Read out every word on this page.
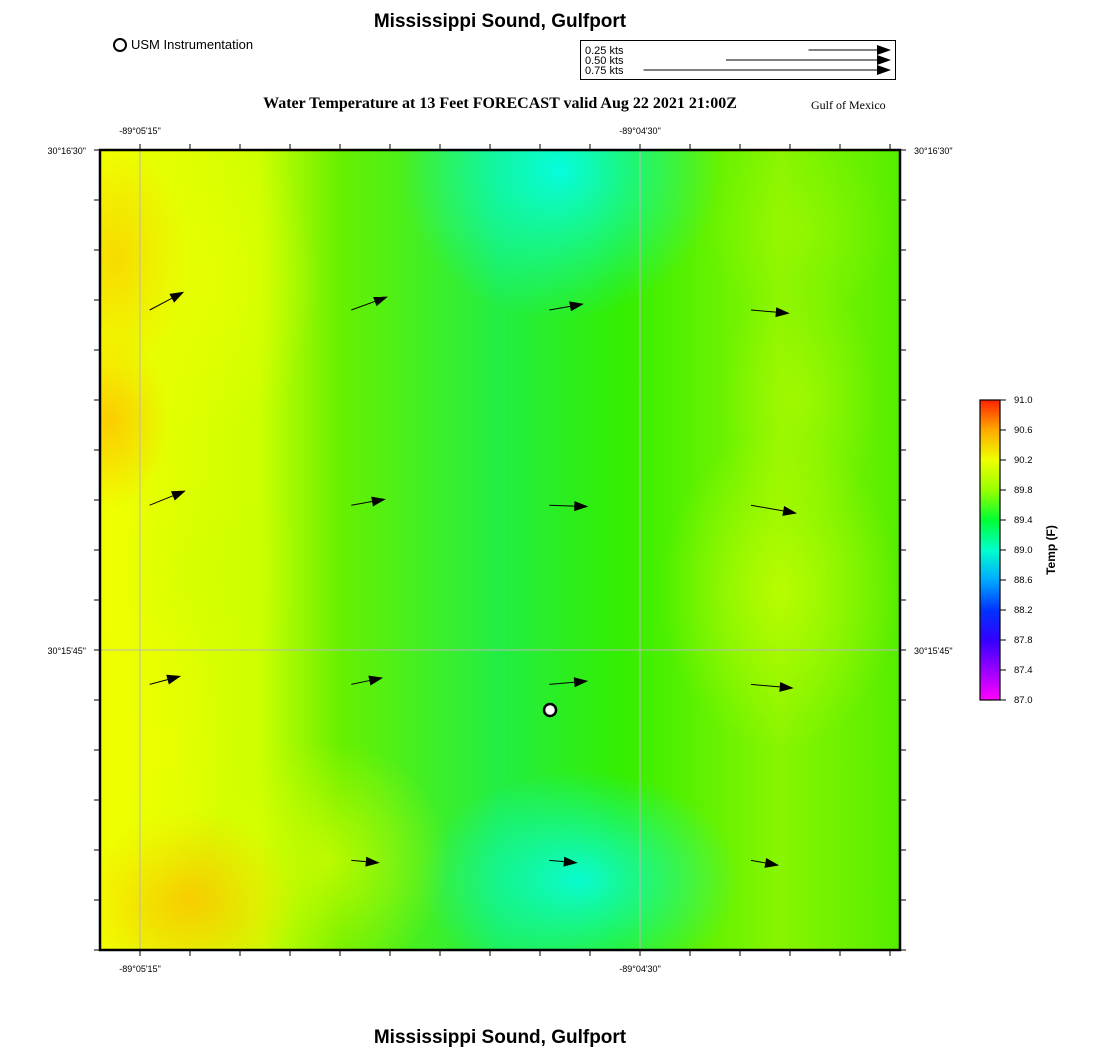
Mississippi Sound, Gulfport
USM Instrumentation	0.25 kts
0.50 kts
0.75 kts
Water Temperature at 13 Feet FORECAST valid Aug 22 2021 21:00Z	Gulf of Mexico
-89°05'15"	-89°04'30"
-89°05'15"	-89°04'30"
30°16'30"
30°15'45"
30°16'30"
30°15'45"
91.0
90.6
90.2
89.8
89.4
89.0
88.6
88.2
87.8
87.4
87.0
Temp (F)
Mississippi Sound, Gulfport
